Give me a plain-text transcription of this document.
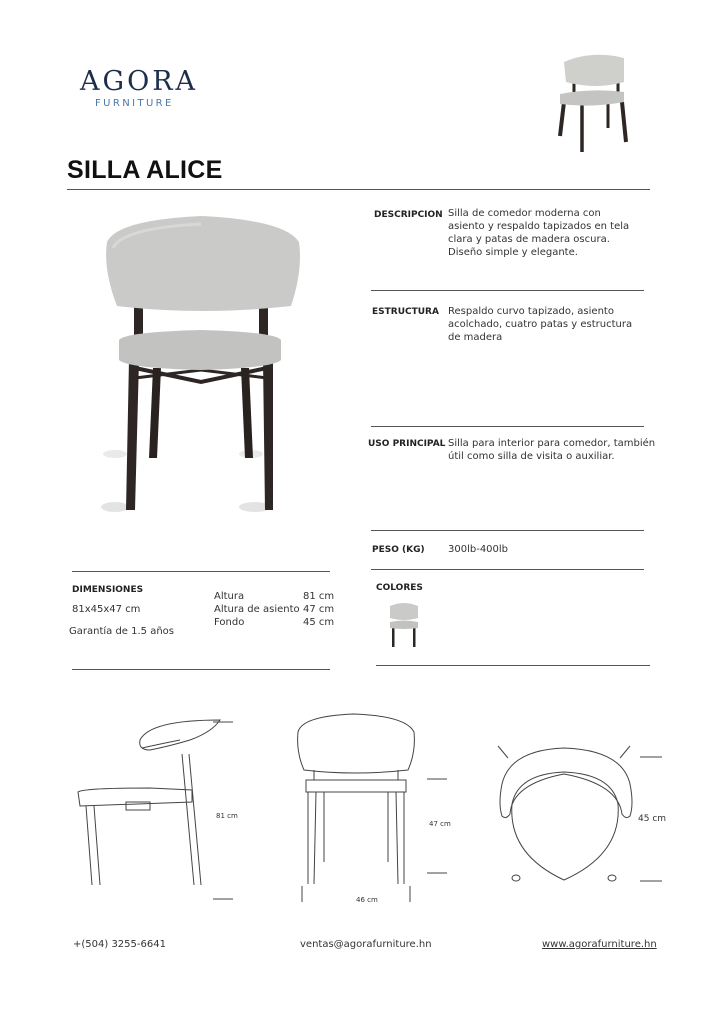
AGORA
FURNITURE
SILLA ALICE
DESCRIPCION Silla de comedor moderna con asiento y respaldo tapizados en tela clara y patas de madera oscura. Diseño simple y elegante.
ESTRUCTURA Respaldo curvo tapizado, asiento acolchado, cuatro patas y estructura de madera
USO PRINCIPAL Silla para interior para comedor, también útil como silla de visita o auxiliar.
PESO (KG) 300lb-400lb
COLORES
DIMENSIONES
81x45x47 cm
Garantía de 1.5 años
Altura	81 cm
Altura de asiento 47 cm
Fondo	45 cm
81 cm
47 cm
46 cm
45 cm
+(504) 3255-6641	ventas@agorafurniture.hn	www.agorafurniture.hn
